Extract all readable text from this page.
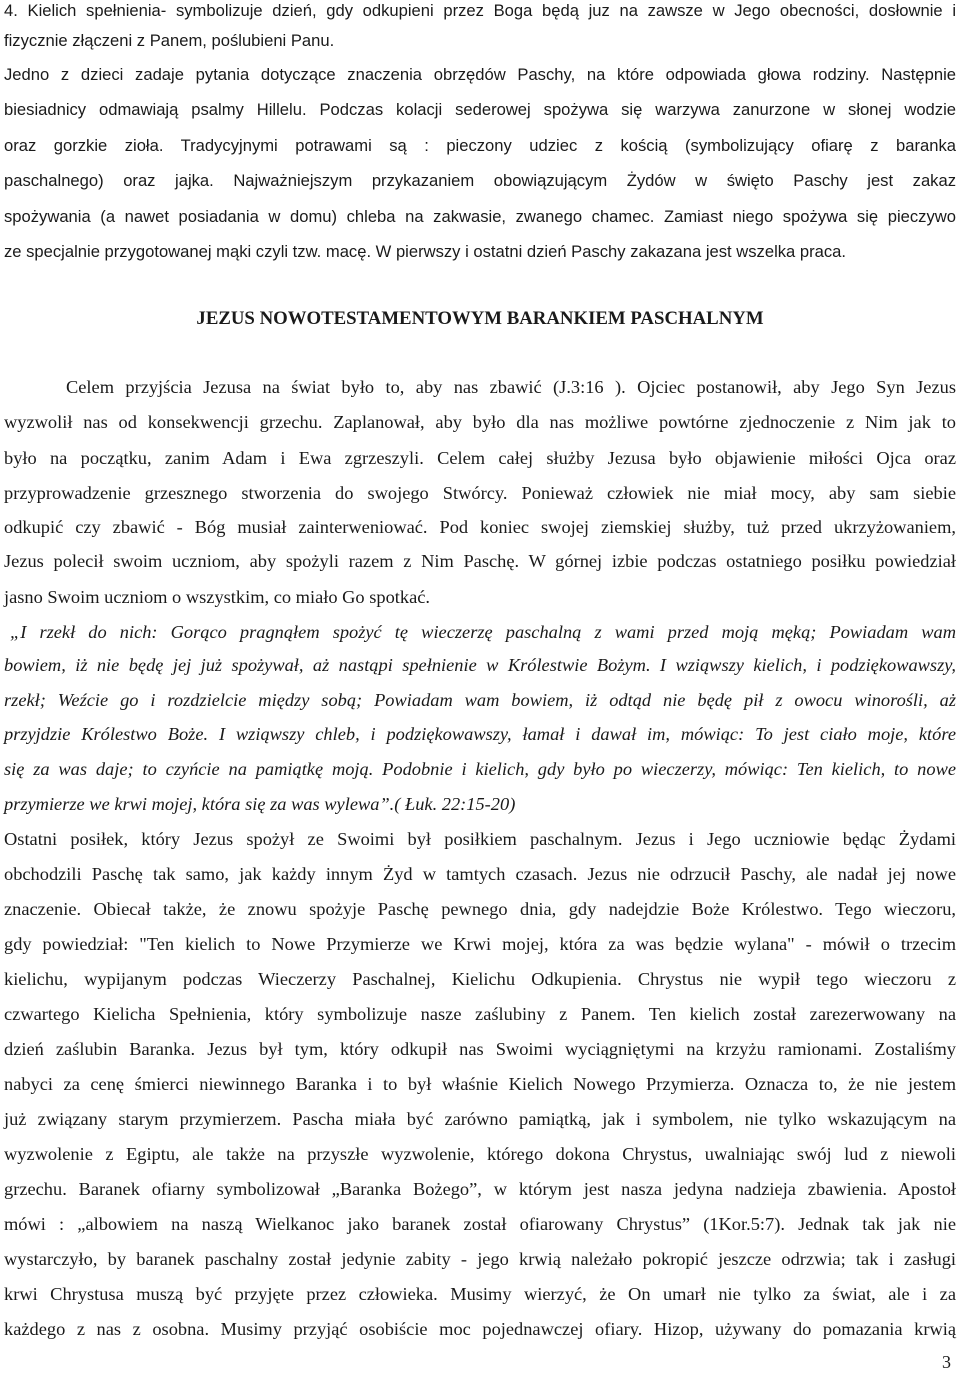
4. Kielich spełnienia- symbolizuje dzień, gdy odkupieni przez Boga będą juz na zawsze w Jego obecności, dosłownie i
fizycznie złączeni z Panem, poślubieni Panu.
Jedno z dzieci zadaje pytania dotyczące znaczenia obrzędów Paschy, na które odpowiada głowa rodziny. Następnie
biesiadnicy odmawiają psalmy Hillelu. Podczas kolacji sederowej spożywa się warzywa zanurzone w słonej wodzie
oraz gorzkie zioła. Tradycyjnymi potrawami są : pieczony udziec z kością (symbolizujący ofiarę z baranka
paschalnego) oraz jajka. Najważniejszym przykazaniem obowiązującym Żydów w święto Paschy jest zakaz
spożywania (a nawet posiadania w domu) chleba na zakwasie, zwanego chamec. Zamiast niego spożywa się pieczywo
ze specjalnie przygotowanej mąki czyli tzw. macę. W pierwszy i ostatni dzień Paschy zakazana jest wszelka praca.
JEZUS NOWOTESTAMENTOWYM BARANKIEM PASCHALNYM
Celem przyjścia Jezusa na świat było to, aby nas zbawić (J.3:16 ). Ojciec postanowił, aby Jego Syn Jezus
wyzwolił nas od konsekwencji grzechu. Zaplanował, aby było dla nas możliwe powtórne zjednoczenie z Nim jak to
było na początku, zanim Adam i Ewa zgrzeszyli. Celem całej służby Jezusa było objawienie miłości Ojca oraz
przyprowadzenie grzesznego stworzenia do swojego Stwórcy. Ponieważ człowiek nie miał mocy, aby sam siebie
odkupić czy zbawić - Bóg musiał zainterweniować. Pod koniec swojej ziemskiej służby, tuż przed ukrzyżowaniem,
Jezus polecił swoim uczniom, aby spożyli razem z Nim Paschę. W górnej izbie podczas ostatniego posiłku powiedział
jasno Swoim uczniom o wszystkim, co miało Go spotkać.
„I rzekł do nich: Gorąco pragnąłem spożyć tę wieczerzę paschalną z wami przed moją męką; Powiadam wam
bowiem, iż nie będę jej już spożywał, aż nastąpi spełnienie w Królestwie Bożym. I wziąwszy kielich, i podziękowawszy,
rzekł; Weźcie go i rozdzielcie między sobą; Powiadam wam bowiem, iż odtąd nie będę pił z owocu winorośli, aż
przyjdzie Królestwo Boże. I wziąwszy chleb, i podziękowawszy, łamał i dawał im, mówiąc: To jest ciało moje, które
się za was daje; to czyńcie na pamiątkę moją. Podobnie i kielich, gdy było po wieczerzy, mówiąc: Ten kielich, to nowe
przymierze we krwi mojej, która się za was wylewa”.( Łuk. 22:15-20)
Ostatni posiłek, który Jezus spożył ze Swoimi był posiłkiem paschalnym. Jezus i Jego uczniowie będąc Żydami
obchodzili Paschę tak samo, jak każdy innym Żyd w tamtych czasach. Jezus nie odrzucił Paschy, ale nadał jej nowe
znaczenie. Obiecał także, że znowu spożyje Paschę pewnego dnia, gdy nadejdzie Boże Królestwo. Tego wieczoru,
gdy powiedział: "Ten kielich to Nowe Przymierze we Krwi mojej, która za was będzie wylana" - mówił o trzecim
kielichu, wypijanym podczas Wieczerzy Paschalnej, Kielichu Odkupienia. Chrystus nie wypił tego wieczoru z
czwartego Kielicha Spełnienia, który symbolizuje nasze zaślubiny z Panem. Ten kielich został zarezerwowany na
dzień zaślubin Baranka. Jezus był tym, który odkupił nas Swoimi wyciągniętymi na krzyżu ramionami. Zostaliśmy
nabyci za cenę śmierci niewinnego Baranka i to był właśnie Kielich Nowego Przymierza. Oznacza to, że nie jestem
już związany starym przymierzem. Pascha miała być zarówno pamiątką, jak i symbolem, nie tylko wskazującym na
wyzwolenie z Egiptu, ale także na przyszłe wyzwolenie, którego dokona Chrystus, uwalniając swój lud z niewoli
grzechu. Baranek ofiarny symbolizował „Baranka Bożego”, w którym jest nasza jedyna nadzieja zbawienia. Apostoł
mówi : „albowiem na naszą Wielkanoc jako baranek został ofiarowany Chrystus” (1Kor.5:7). Jednak tak jak nie
wystarczyło, by baranek paschalny został jedynie zabity - jego krwią należało pokropić jeszcze odrzwia; tak i zasługi
krwi Chrystusa muszą być przyjęte przez człowieka. Musimy wierzyć, że On umarł nie tylko za świat, ale i za
każdego z nas z osobna. Musimy przyjąć osobiście moc pojednawczej ofiary. Hizop, używany do pomazania krwią
3
